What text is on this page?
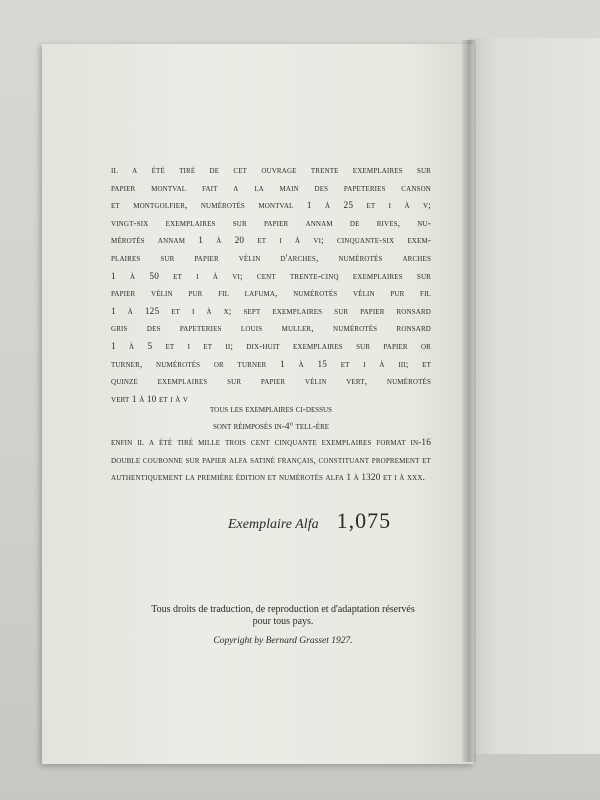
il a été tiré de cet ouvrage trente exemplaires sur

papier montval fait a la main des papeteries canson

et montgolfier, numérotés montval 1 à 25 et i à v;

vingt-six exemplaires sur papier annam de rives, nu-

mérotés annam 1 à 20 et i à vi; cinquante-six exem-

plaires sur papier vélin d'arches, numérotés arches

1 à 50 et i à vi; cent trente-cinq exemplaires sur

papier vélin pur fil lafuma, numérotés vélin pur fil

1 à 125 et i à x; sept exemplaires sur papier ronsard

gris des papeteries louis muller, numérotés ronsard

1 à 5 et i et ii; dix-huit exemplaires sur papier or

turner, numérotés or turner 1 à 15 et i à iii; et

quinze exemplaires sur papier vélin vert, numérotés

vert 1 à 10 et i à v

tous les exemplaires ci-dessus
sont réimposés in-4° tell-ère
enfin il a été tiré mille trois cent cinquante exemplaires format in-16 double couronne sur papier alfa satiné français, constituant proprement et authentiquement la première édition et numérotés alfa 1 à 1320 et i à xxx.
Exemplaire Alfa 1,075
Tous droits de traduction, de reproduction et d'adaptation réservés
pour tous pays.
Copyright by Bernard Grasset 1927.
